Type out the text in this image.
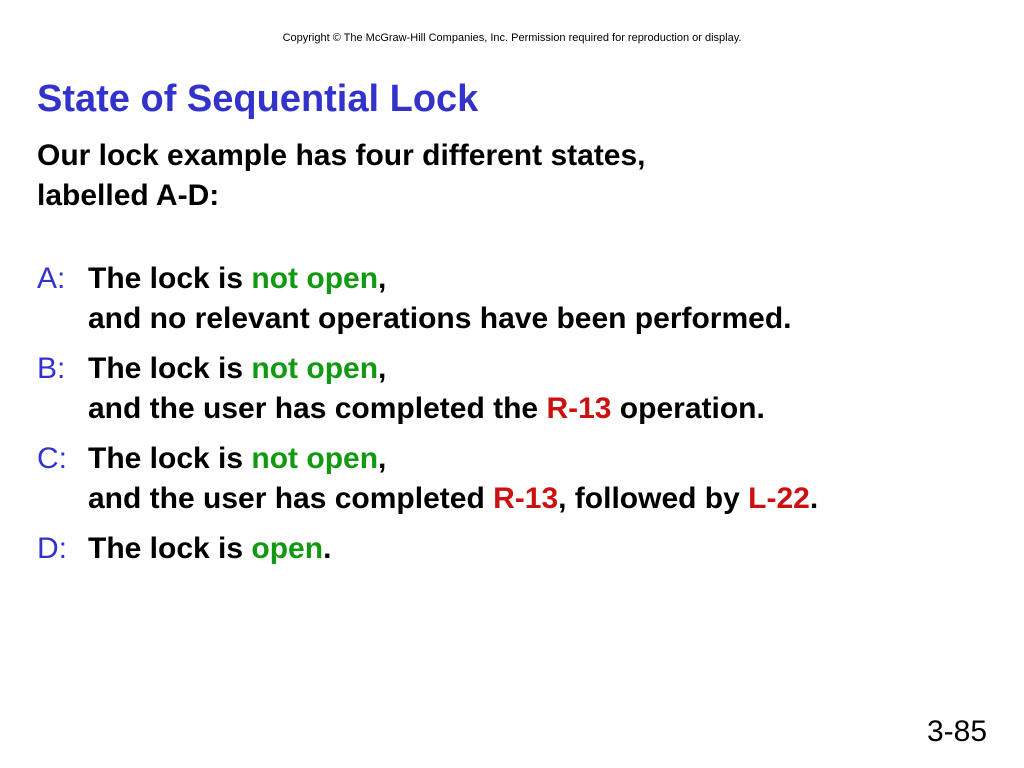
Copyright © The McGraw-Hill Companies, Inc. Permission required for reproduction or display.
State of Sequential Lock
Our lock example has four different states,
labelled A-D:
A: The lock is not open,
and no relevant operations have been performed.
B: The lock is not open,
and the user has completed the R-13 operation.
C: The lock is not open,
and the user has completed R-13, followed by L-22.
D: The lock is open.
3-85
